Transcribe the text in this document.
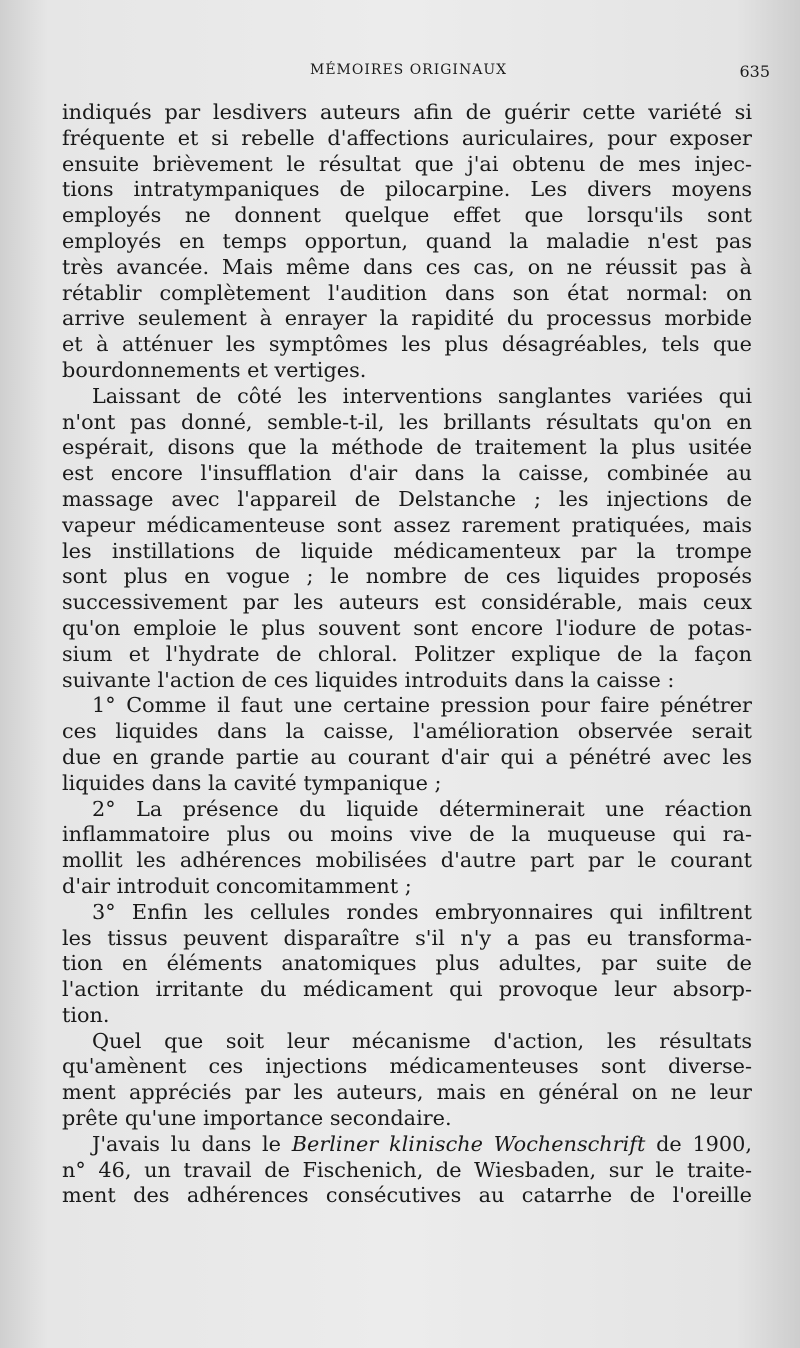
MÉMOIRES ORIGINAUX	635
indiqués par lesdivers auteurs afin de guérir cette variété si
fréquente et si rebelle d'affections auriculaires, pour exposer
ensuite brièvement le résultat que j'ai obtenu de mes injec-
tions intratympaniques de pilocarpine. Les divers moyens
employés ne donnent quelque effet que lorsqu'ils sont
employés en temps opportun, quand la maladie n'est pas
très avancée. Mais même dans ces cas, on ne réussit pas à
rétablir complètement l'audition dans son état normal: on
arrive seulement à enrayer la rapidité du processus morbide
et à atténuer les symptômes les plus désagréables, tels que
bourdonnements et vertiges.
Laissant de côté les interventions sanglantes variées qui
n'ont pas donné, semble-t-il, les brillants résultats qu'on en
espérait, disons que la méthode de traitement la plus usitée
est encore l'insufflation d'air dans la caisse, combinée au
massage avec l'appareil de Delstanche ; les injections de
vapeur médicamenteuse sont assez rarement pratiquées, mais
les instillations de liquide médicamenteux par la trompe
sont plus en vogue ; le nombre de ces liquides proposés
successivement par les auteurs est considérable, mais ceux
qu'on emploie le plus souvent sont encore l'iodure de potas-
sium et l'hydrate de chloral. Politzer explique de la façon
suivante l'action de ces liquides introduits dans la caisse :
1° Comme il faut une certaine pression pour faire pénétrer
ces liquides dans la caisse, l'amélioration observée serait
due en grande partie au courant d'air qui a pénétré avec les
liquides dans la cavité tympanique ;
2° La présence du liquide déterminerait une réaction
inflammatoire plus ou moins vive de la muqueuse qui ra-
mollit les adhérences mobilisées d'autre part par le courant
d'air introduit concomitamment ;
3° Enfin les cellules rondes embryonnaires qui infiltrent
les tissus peuvent disparaître s'il n'y a pas eu transforma-
tion en éléments anatomiques plus adultes, par suite de
l'action irritante du médicament qui provoque leur absorp-
tion.
Quel que soit leur mécanisme d'action, les résultats
qu'amènent ces injections médicamenteuses sont diverse-
ment appréciés par les auteurs, mais en général on ne leur
prête qu'une importance secondaire.
J'avais lu dans le Berliner klinische Wochenschrift de 1900,
n° 46, un travail de Fischenich, de Wiesbaden, sur le traite-
ment des adhérences consécutives au catarrhe de l'oreille
